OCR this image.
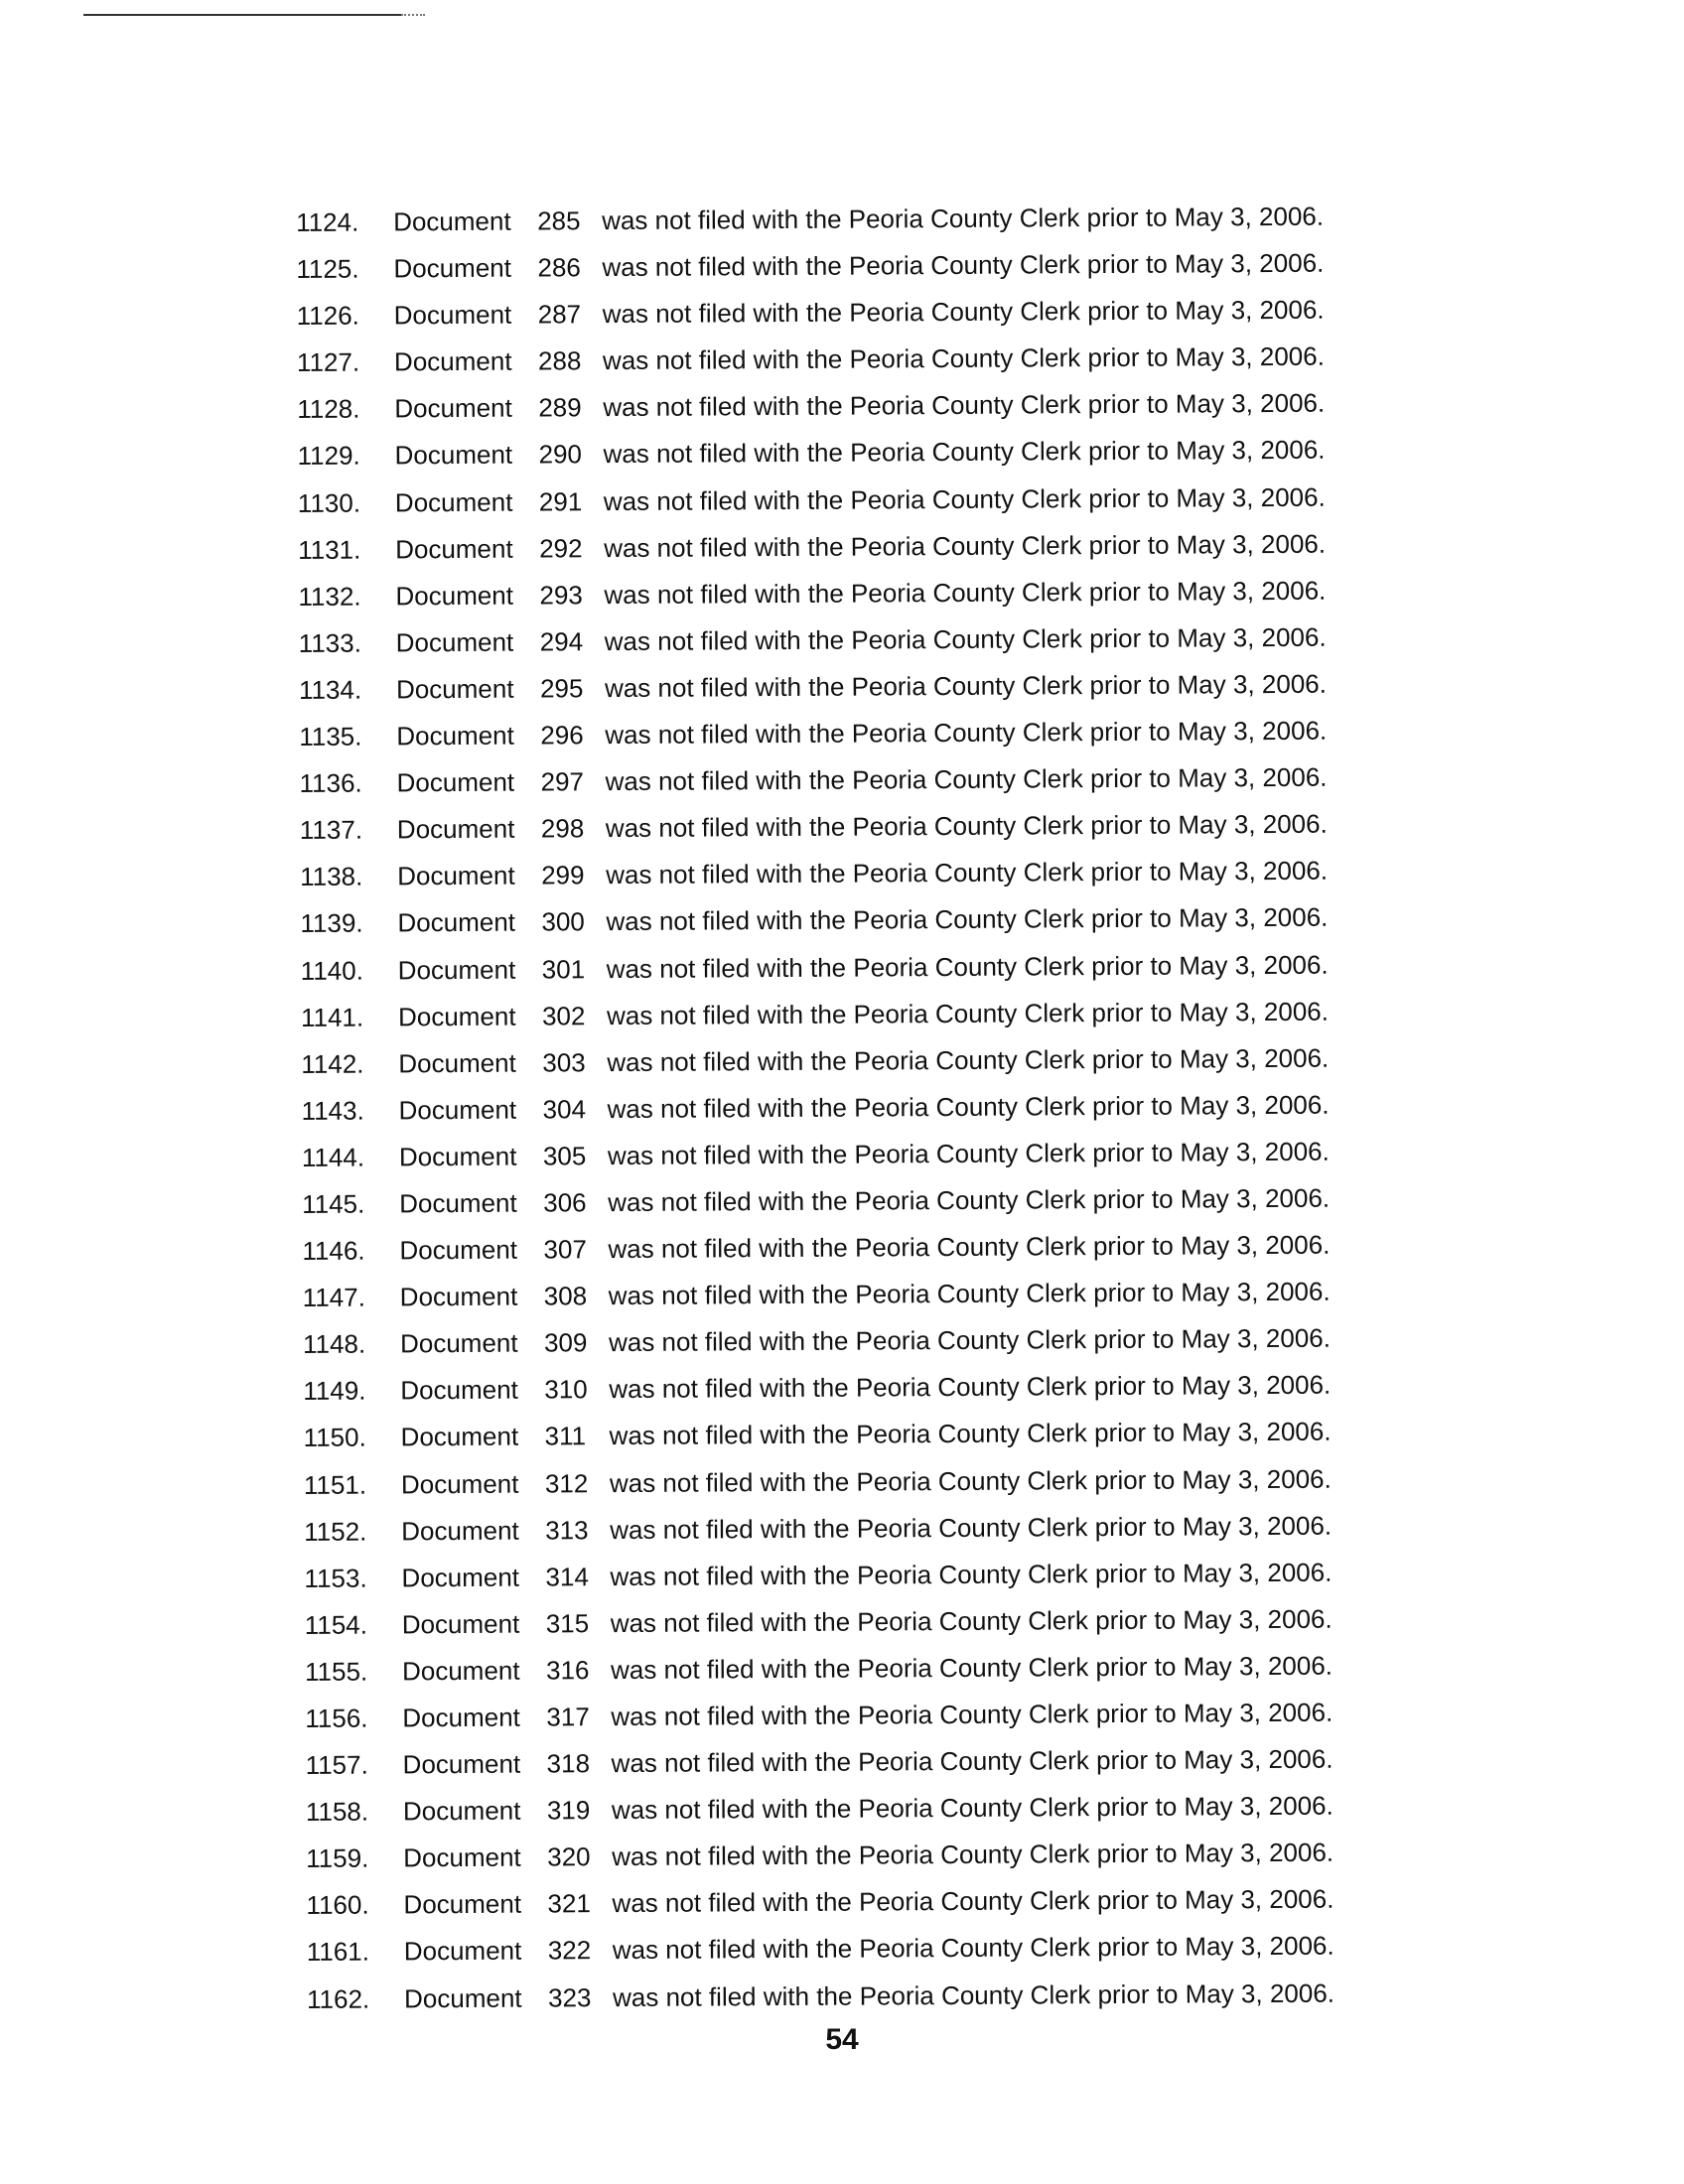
1124. Document 285 was not filed with the Peoria County Clerk prior to May 3, 2006.
1125. Document 286 was not filed with the Peoria County Clerk prior to May 3, 2006.
1126. Document 287 was not filed with the Peoria County Clerk prior to May 3, 2006.
1127. Document 288 was not filed with the Peoria County Clerk prior to May 3, 2006.
1128. Document 289 was not filed with the Peoria County Clerk prior to May 3, 2006.
1129. Document 290 was not filed with the Peoria County Clerk prior to May 3, 2006.
1130. Document 291 was not filed with the Peoria County Clerk prior to May 3, 2006.
1131. Document 292 was not filed with the Peoria County Clerk prior to May 3, 2006.
1132. Document 293 was not filed with the Peoria County Clerk prior to May 3, 2006.
1133. Document 294 was not filed with the Peoria County Clerk prior to May 3, 2006.
1134. Document 295 was not filed with the Peoria County Clerk prior to May 3, 2006.
1135. Document 296 was not filed with the Peoria County Clerk prior to May 3, 2006.
1136. Document 297 was not filed with the Peoria County Clerk prior to May 3, 2006.
1137. Document 298 was not filed with the Peoria County Clerk prior to May 3, 2006.
1138. Document 299 was not filed with the Peoria County Clerk prior to May 3, 2006.
1139. Document 300 was not filed with the Peoria County Clerk prior to May 3, 2006.
1140. Document 301 was not filed with the Peoria County Clerk prior to May 3, 2006.
1141. Document 302 was not filed with the Peoria County Clerk prior to May 3, 2006.
1142. Document 303 was not filed with the Peoria County Clerk prior to May 3, 2006.
1143. Document 304 was not filed with the Peoria County Clerk prior to May 3, 2006.
1144. Document 305 was not filed with the Peoria County Clerk prior to May 3, 2006.
1145. Document 306 was not filed with the Peoria County Clerk prior to May 3, 2006.
1146. Document 307 was not filed with the Peoria County Clerk prior to May 3, 2006.
1147. Document 308 was not filed with the Peoria County Clerk prior to May 3, 2006.
1148. Document 309 was not filed with the Peoria County Clerk prior to May 3, 2006.
1149. Document 310 was not filed with the Peoria County Clerk prior to May 3, 2006.
1150. Document 311 was not filed with the Peoria County Clerk prior to May 3, 2006.
1151. Document 312 was not filed with the Peoria County Clerk prior to May 3, 2006.
1152. Document 313 was not filed with the Peoria County Clerk prior to May 3, 2006.
1153. Document 314 was not filed with the Peoria County Clerk prior to May 3, 2006.
1154. Document 315 was not filed with the Peoria County Clerk prior to May 3, 2006.
1155. Document 316 was not filed with the Peoria County Clerk prior to May 3, 2006.
1156. Document 317 was not filed with the Peoria County Clerk prior to May 3, 2006.
1157. Document 318 was not filed with the Peoria County Clerk prior to May 3, 2006.
1158. Document 319 was not filed with the Peoria County Clerk prior to May 3, 2006.
1159. Document 320 was not filed with the Peoria County Clerk prior to May 3, 2006.
1160. Document 321 was not filed with the Peoria County Clerk prior to May 3, 2006.
1161. Document 322 was not filed with the Peoria County Clerk prior to May 3, 2006.
1162. Document 323 was not filed with the Peoria County Clerk prior to May 3, 2006.
54
